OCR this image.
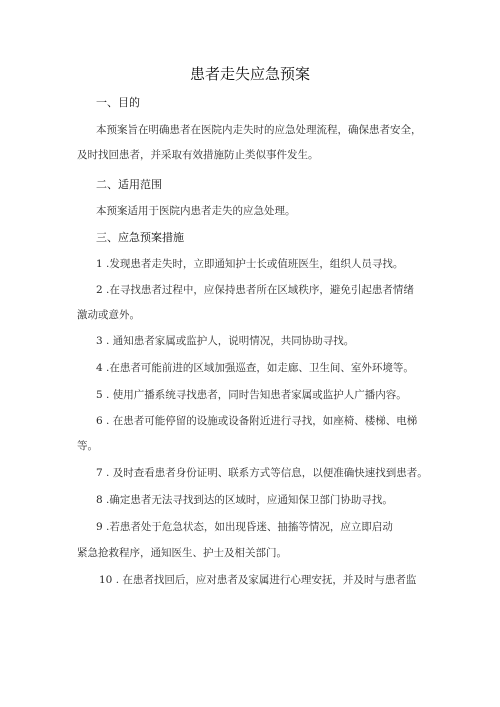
患者走失应急预案
一、目的
本预案旨在明确患者在医院内走失时的应急处理流程，确保患者安全，
及时找回患者，并采取有效措施防止类似事件发生。
二、适用范围
本预案适用于医院内患者走失的应急处理。
三、应急预案措施
1 .发现患者走失时，立即通知护士长或值班医生，组织人员寻找。
2 .在寻找患者过程中，应保持患者所在区域秩序，避免引起患者情绪
激动或意外。
3 . 通知患者家属或监护人，说明情况，共同协助寻找。
4 .在患者可能前进的区域加强巡查，如走廊、卫生间、室外环境等。
5 . 使用广播系统寻找患者，同时告知患者家属或监护人广播内容。
6 . 在患者可能停留的设施或设备附近进行寻找，如座椅、楼梯、电梯
等。
7 . 及时查看患者身份证明、联系方式等信息，以便准确快速找到患者。
8 .确定患者无法寻找到达的区域时，应通知保卫部门协助寻找。
9 .若患者处于危急状态，如出现昏迷、抽搐等情况，应立即启动
紧急抢救程序，通知医生、护士及相关部门。
10 . 在患者找回后，应对患者及家属进行心理安抚，并及时与患者监
